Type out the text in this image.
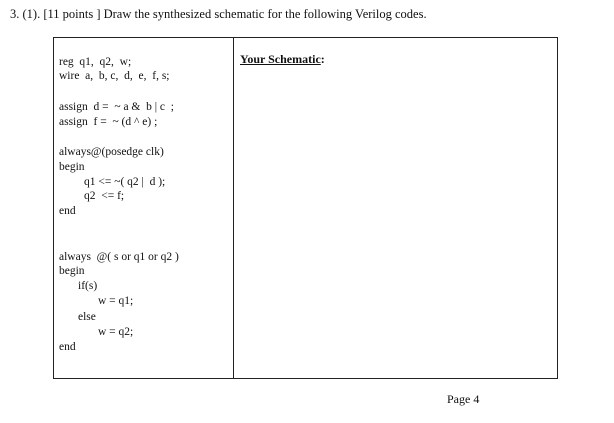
3. (1). [11 points ] Draw the synthesized schematic for the following Verilog codes.
reg  q1,  q2,  w;
wire  a,  b, c,  d,  e,  f, s;
assign  d =  ~ a &  b | c  ;
assign  f =  ~ (d ^ e) ;
always@(posedge clk)
begin
q1 <= ~( q2 |  d );
q2  <= f;
end
always  @( s or q1 or q2 )
begin
if(s)
w = q1;
else
w = q2;
end
Your Schematic:
Page 4
